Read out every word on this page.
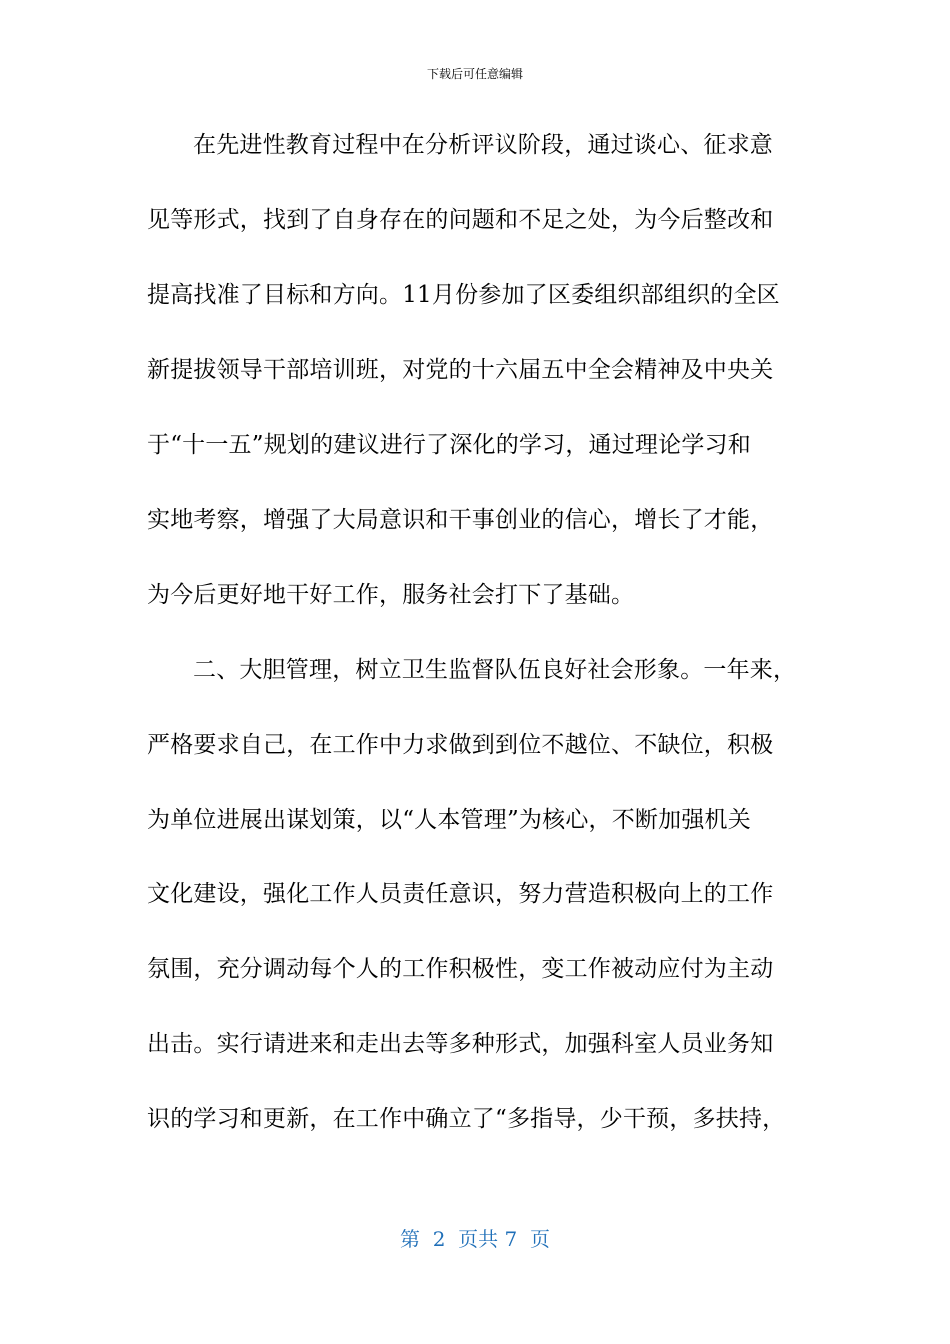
下载后可任意编辑
在先进性教育过程中在分析评议阶段，通过谈心、征求意
见等形式，找到了自身存在的问题和不足之处，为今后整改和
提高找准了目标和方向。11月份参加了区委组织部组织的全区
新提拔领导干部培训班，对党的十六届五中全会精神及中央关
于“十一五”规划的建议进行了深化的学习，通过理论学习和
实地考察，增强了大局意识和干事创业的信心，增长了才能，
为今后更好地干好工作，服务社会打下了基础。
二、大胆管理，树立卫生监督队伍良好社会形象。一年来，
严格要求自己，在工作中力求做到到位不越位、不缺位，积极
为单位进展出谋划策，以“人本管理”为核心，不断加强机关
文化建设，强化工作人员责任意识，努力营造积极向上的工作
氛围，充分调动每个人的工作积极性，变工作被动应付为主动
出击。实行请进来和走出去等多种形式，加强科室人员业务知
识的学习和更新，在工作中确立了“多指导，少干预，多扶持，
第  2  页共 7  页
